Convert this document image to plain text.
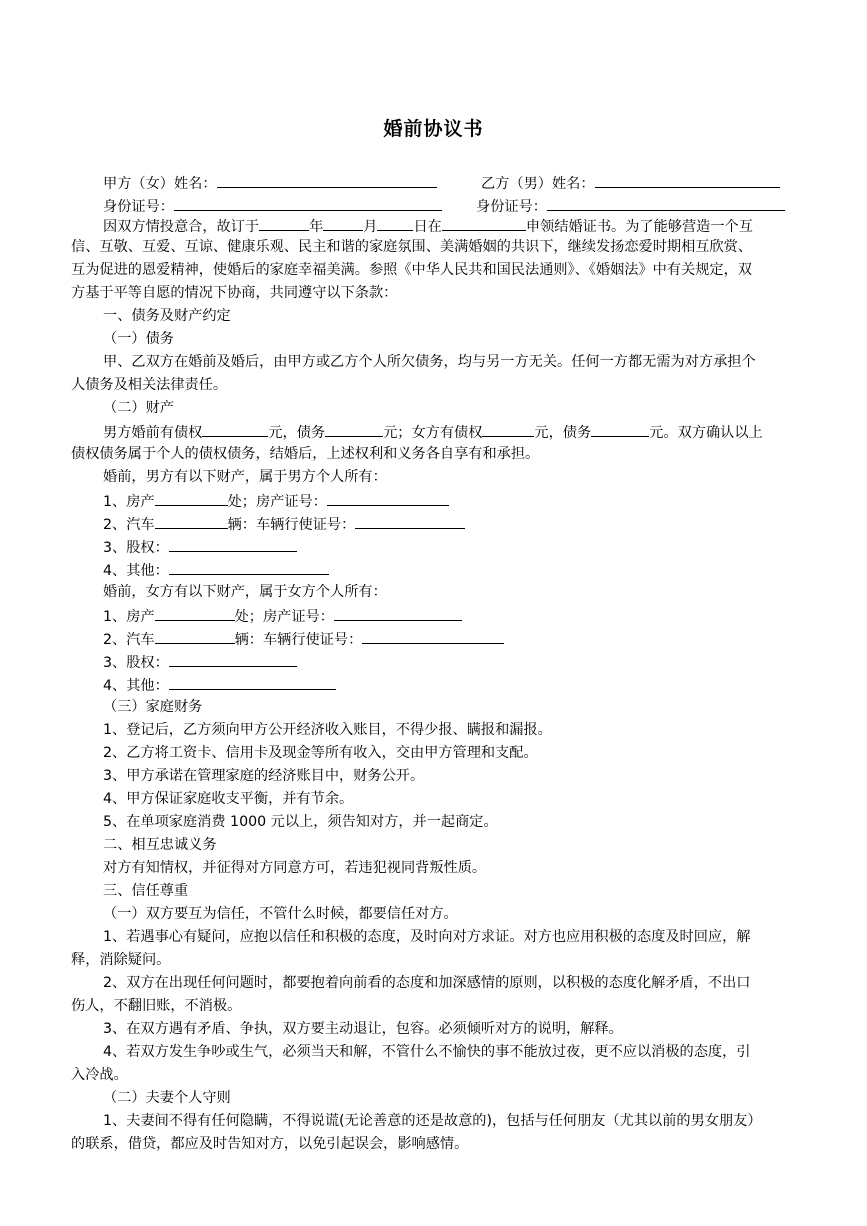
婚前协议书
甲方（女）姓名：	乙方（男）姓名：
身份证号：	身份证号：
因双方情投意合，故订于	年	月	日在	申领结婚证书。为了能够营造一个互
信、互敬、互爱、互谅、健康乐观、民主和谐的家庭氛围、美满婚姻的共识下，继续发扬恋爱时期相互欣赏、
互为促进的恩爱精神，使婚后的家庭幸福美满。参照《中华人民共和国民法通则》、《婚姻法》中有关规定，双
方基于平等自愿的情况下协商，共同遵守以下条款：
一、债务及财产约定
（一）债务
甲、乙双方在婚前及婚后，由甲方或乙方个人所欠债务，均与另一方无关。任何一方都无需为对方承担个
人债务及相关法律责任。
（二）财产
男方婚前有债权	元，债务	元；女方有债权	元，债务	元。双方确认以上
债权债务属于个人的债权债务，结婚后，上述权利和义务各自享有和承担。
婚前，男方有以下财产，属于男方个人所有：
1、房产	处；房产证号：
2、汽车	辆：车辆行使证号：
3、股权：
4、其他：
婚前，女方有以下财产，属于女方个人所有：
1、房产	处；房产证号：
2、汽车	辆：车辆行使证号：
3、股权：
4、其他：
（三）家庭财务
1、登记后，乙方须向甲方公开经济收入账目，不得少报、瞒报和漏报。
2、乙方将工资卡、信用卡及现金等所有收入，交由甲方管理和支配。
3、甲方承诺在管理家庭的经济账目中，财务公开。
4、甲方保证家庭收支平衡，并有节余。
5、在单项家庭消费 1000 元以上，须告知对方，并一起商定。
二、相互忠诚义务
对方有知情权，并征得对方同意方可，若违犯视同背叛性质。
三、信任尊重
（一）双方要互为信任，不管什么时候，都要信任对方。
1、若遇事心有疑问，应抱以信任和积极的态度，及时向对方求证。对方也应用积极的态度及时回应，解
释，消除疑问。
2、双方在出现任何问题时，都要抱着向前看的态度和加深感情的原则，以积极的态度化解矛盾，不出口
伤人，不翻旧账，不消极。
3、在双方遇有矛盾、争执，双方要主动退让，包容。必须倾听对方的说明，解释。
4、若双方发生争吵或生气，必须当天和解，不管什么不愉快的事不能放过夜，更不应以消极的态度，引
入冷战。
（二）夫妻个人守则
1、夫妻间不得有任何隐瞒，不得说谎(无论善意的还是故意的)，包括与任何朋友（尤其以前的男女朋友）
的联系，借贷，都应及时告知对方，以免引起误会，影响感情。
